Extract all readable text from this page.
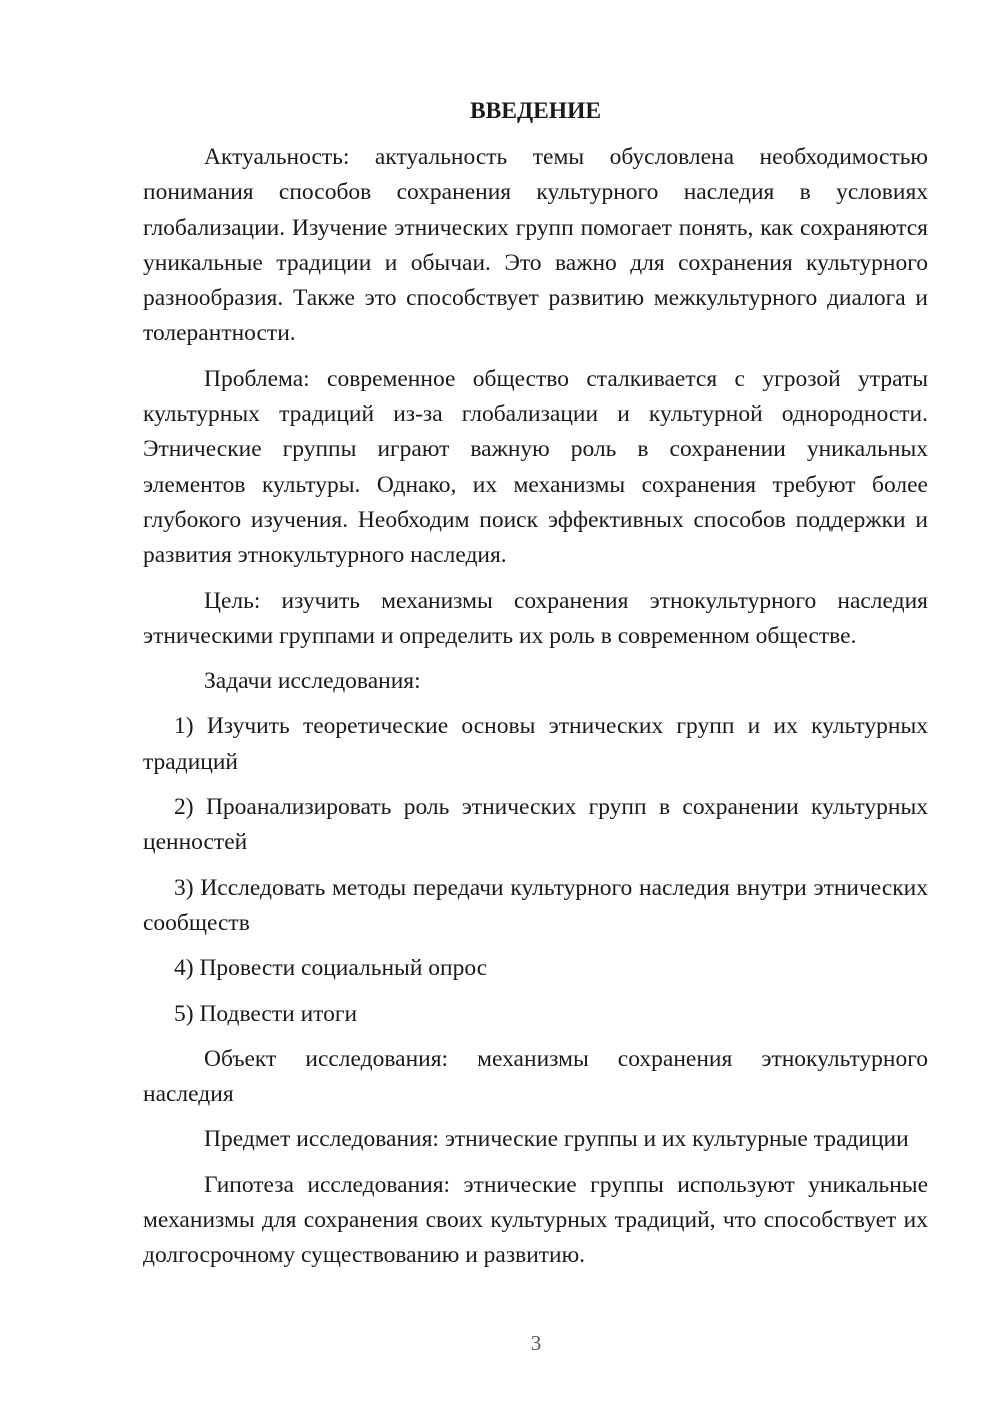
ВВЕДЕНИЕ

Актуальность: актуальность темы обусловлена необходимостью понимания способов сохранения культурного наследия в условиях глобализации. Изучение этнических групп помогает понять, как сохраняются уникальные традиции и обычаи. Это важно для сохранения культурного разнообразия. Также это способствует развитию межкультурного диалога и толерантности.

Проблема: современное общество сталкивается с угрозой утраты культурных традиций из-за глобализации и культурной однородности. Этнические группы играют важную роль в сохранении уникальных элементов культуры. Однако, их механизмы сохранения требуют более глубокого изучения. Необходим поиск эффективных способов поддержки и развития этнокультурного наследия.

Цель: изучить механизмы сохранения этнокультурного наследия этническими группами и определить их роль в современном обществе.

Задачи исследования:

1) Изучить теоретические основы этнических групп и их культурных традиций

2) Проанализировать роль этнических групп в сохранении культурных ценностей

3) Исследовать методы передачи культурного наследия внутри этнических сообществ

4) Провести социальный опрос

5) Подвести итоги

Объект исследования: механизмы сохранения этнокультурного наследия

Предмет исследования: этнические группы и их культурные традиции

Гипотеза исследования: этнические группы используют уникальные механизмы для сохранения своих культурных традиций, что способствует их долгосрочному существованию и развитию.

3
